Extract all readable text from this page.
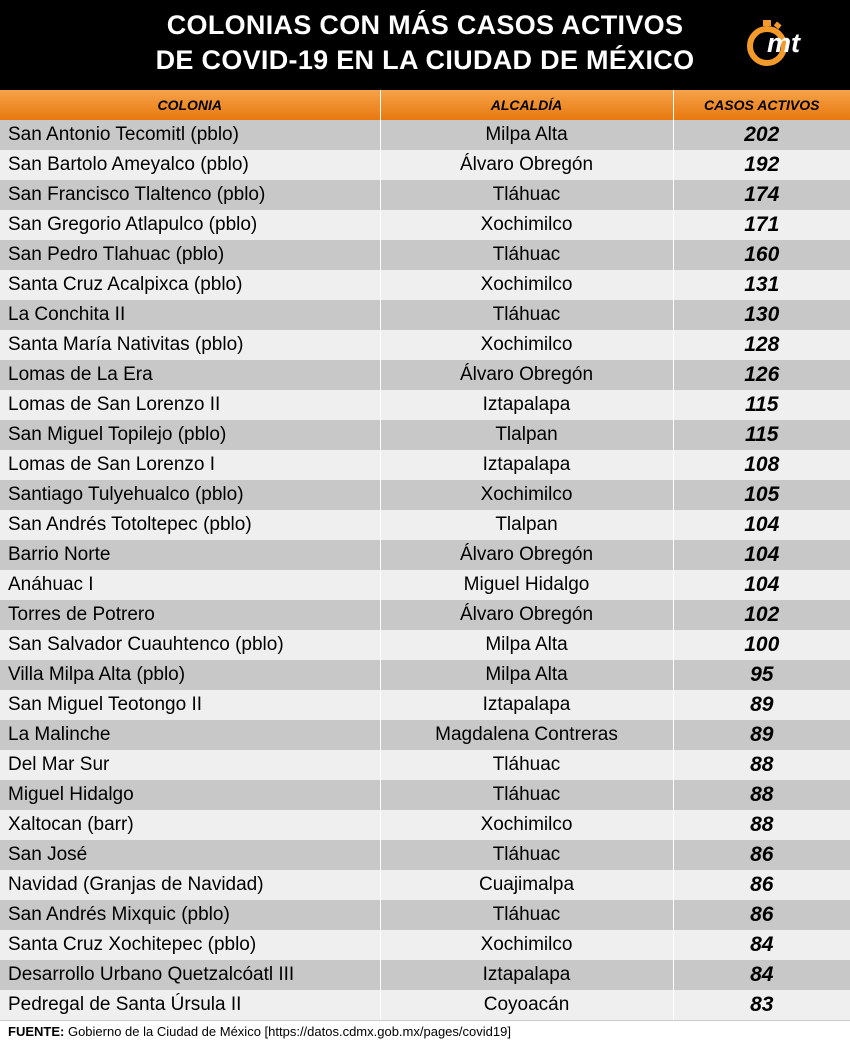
COLONIAS CON MÁS CASOS ACTIVOS
DE COVID-19 EN LA CIUDAD DE MÉXICO
mt
COLONIA	ALCALDÍA	CASOS ACTIVOS
San Antonio Tecomitl (pblo)	Milpa Alta	202
San Bartolo Ameyalco (pblo)	Álvaro Obregón	192
San Francisco Tlaltenco (pblo)	Tláhuac	174
San Gregorio Atlapulco (pblo)	Xochimilco	171
San Pedro Tlahuac (pblo)	Tláhuac	160
Santa Cruz Acalpixca (pblo)	Xochimilco	131
La Conchita II	Tláhuac	130
Santa María Nativitas (pblo)	Xochimilco	128
Lomas de La Era	Álvaro Obregón	126
Lomas de San Lorenzo II	Iztapalapa	115
San Miguel Topilejo (pblo)	Tlalpan	115
Lomas de San Lorenzo I	Iztapalapa	108
Santiago Tulyehualco (pblo)	Xochimilco	105
San Andrés Totoltepec (pblo)	Tlalpan	104
Barrio Norte	Álvaro Obregón	104
Anáhuac I	Miguel Hidalgo	104
Torres de Potrero	Álvaro Obregón	102
San Salvador Cuauhtenco (pblo)	Milpa Alta	100
Villa Milpa Alta (pblo)	Milpa Alta	95
San Miguel Teotongo II	Iztapalapa	89
La Malinche	Magdalena Contreras	89
Del Mar Sur	Tláhuac	88
Miguel Hidalgo	Tláhuac	88
Xaltocan (barr)	Xochimilco	88
San José	Tláhuac	86
Navidad (Granjas de Navidad)	Cuajimalpa	86
San Andrés Mixquic (pblo)	Tláhuac	86
Santa Cruz Xochitepec (pblo)	Xochimilco	84
Desarrollo Urbano Quetzalcóatl III	Iztapalapa	84
Pedregal de Santa Úrsula II	Coyoacán	83
FUENTE: Gobierno de la Ciudad de México [https://datos.cdmx.gob.mx/pages/covid19]
